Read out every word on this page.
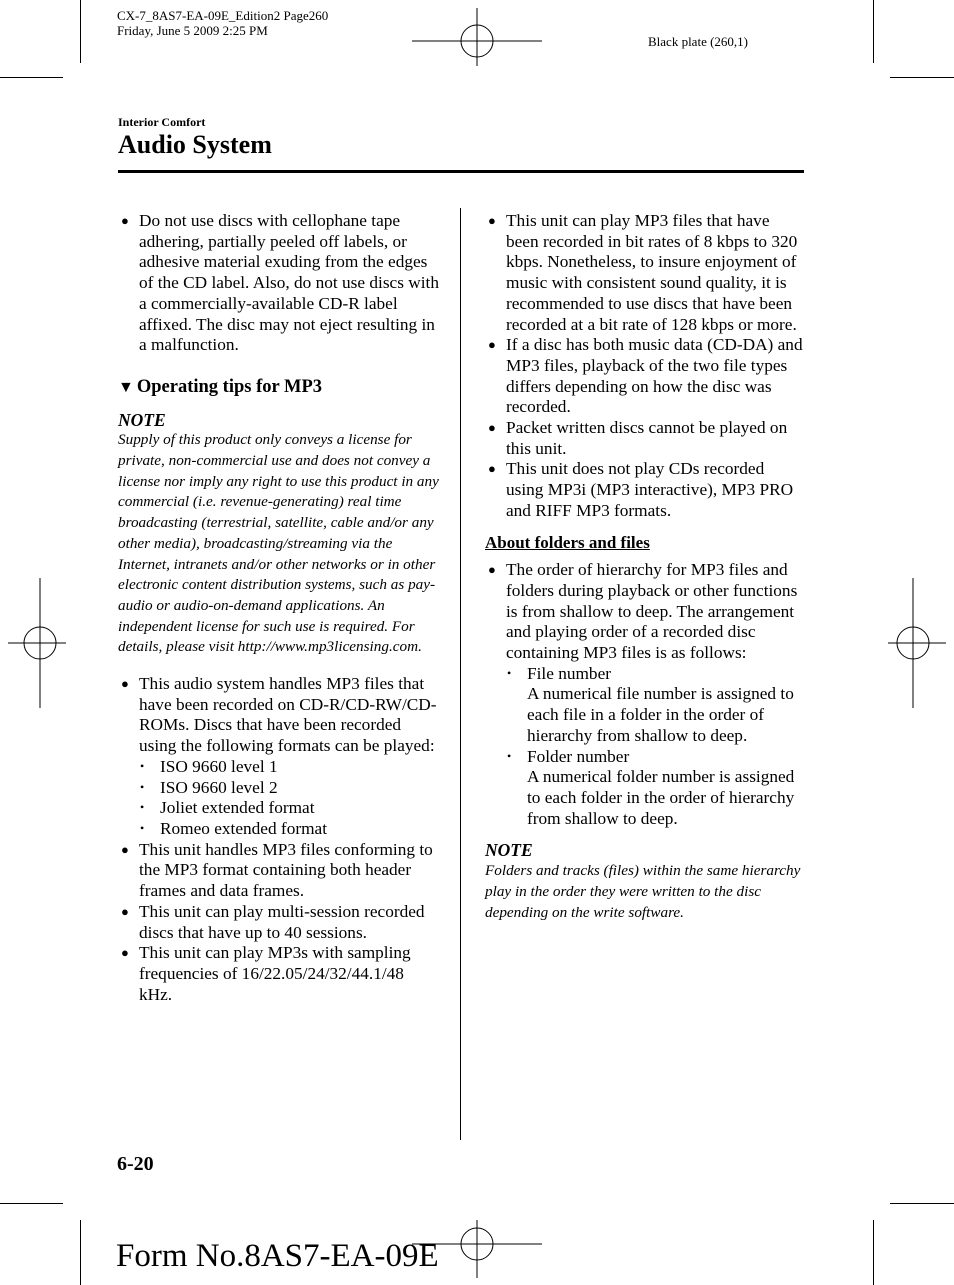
CX-7_8AS7-EA-09E_Edition2 Page260
Friday, June 5 2009 2:25 PM
Black plate (260,1)
Interior Comfort
Audio System
● Do not use discs with cellophane tape adhering, partially peeled off labels, or adhesive material exuding from the edges of the CD label. Also, do not use discs with a commercially-available CD-R label affixed. The disc may not eject resulting in a malfunction.
▼ Operating tips for MP3
NOTE
Supply of this product only conveys a license for private, non-commercial use and does not convey a license nor imply any right to use this product in any commercial (i.e. revenue-generating) real time broadcasting (terrestrial, satellite, cable and/or any other media), broadcasting/streaming via the Internet, intranets and/or other networks or in other electronic content distribution systems, such as pay-audio or audio-on-demand applications. An independent license for such use is required. For details, please visit http://www.mp3licensing.com.
● This audio system handles MP3 files that have been recorded on CD-R/CD-RW/CD-ROMs. Discs that have been recorded using the following formats can be played:
• ISO 9660 level 1
• ISO 9660 level 2
• Joliet extended format
• Romeo extended format
● This unit handles MP3 files conforming to the MP3 format containing both header frames and data frames.
● This unit can play multi-session recorded discs that have up to 40 sessions.
● This unit can play MP3s with sampling frequencies of 16/22.05/24/32/44.1/48 kHz.
● This unit can play MP3 files that have been recorded in bit rates of 8 kbps to 320 kbps. Nonetheless, to insure enjoyment of music with consistent sound quality, it is recommended to use discs that have been recorded at a bit rate of 128 kbps or more.
● If a disc has both music data (CD-DA) and MP3 files, playback of the two file types differs depending on how the disc was recorded.
● Packet written discs cannot be played on this unit.
● This unit does not play CDs recorded using MP3i (MP3 interactive), MP3 PRO and RIFF MP3 formats.
About folders and files
● The order of hierarchy for MP3 files and folders during playback or other functions is from shallow to deep. The arrangement and playing order of a recorded disc containing MP3 files is as follows:
• File number
A numerical file number is assigned to each file in a folder in the order of hierarchy from shallow to deep.
• Folder number
A numerical folder number is assigned to each folder in the order of hierarchy from shallow to deep.
NOTE
Folders and tracks (files) within the same hierarchy play in the order they were written to the disc depending on the write software.
6-20
Form No.8AS7-EA-09E
